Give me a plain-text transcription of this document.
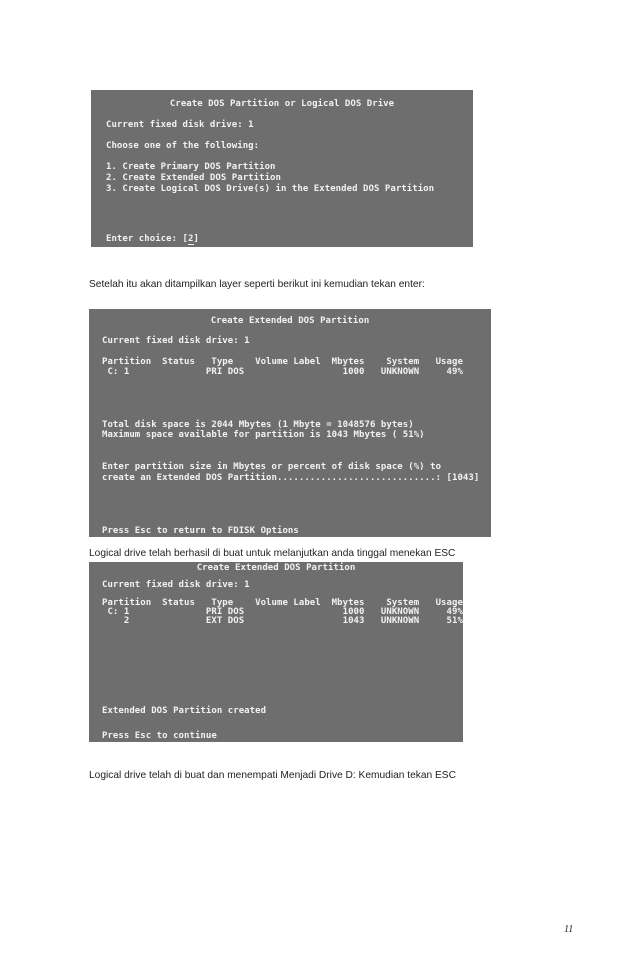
Create DOS Partition or Logical DOS Drive
Current fixed disk drive: 1
Choose one of the following:
1. Create Primary DOS Partition
2. Create Extended DOS Partition
3. Create Logical DOS Drive(s) in the Extended DOS Partition
Enter choice: [2]
Setelah itu akan ditampilkan layer seperti berikut ini kemudian tekan enter:
Create Extended DOS Partition
Current fixed disk drive: 1
Partition  Status   Type    Volume Label  Mbytes    System   Usage
C: 1              PRI DOS                  1000   UNKNOWN     49%
Total disk space is 2044 Mbytes (1 Mbyte = 1048576 bytes)
Maximum space available for partition is 1043 Mbytes ( 51%)
Enter partition size in Mbytes or percent of disk space (%) to
create an Extended DOS Partition.............................: [1043]
Press Esc to return to FDISK Options
Logical drive telah berhasil di buat untuk melanjutkan anda tinggal menekan ESC
Create Extended DOS Partition
Current fixed disk drive: 1
Partition  Status   Type    Volume Label  Mbytes    System   Usage
C: 1              PRI DOS                  1000   UNKNOWN     49%
2              EXT DOS                  1043   UNKNOWN     51%
Extended DOS Partition created
Press Esc to continue
Logical drive telah di buat dan menempati Menjadi Drive D: Kemudian tekan ESC
11
